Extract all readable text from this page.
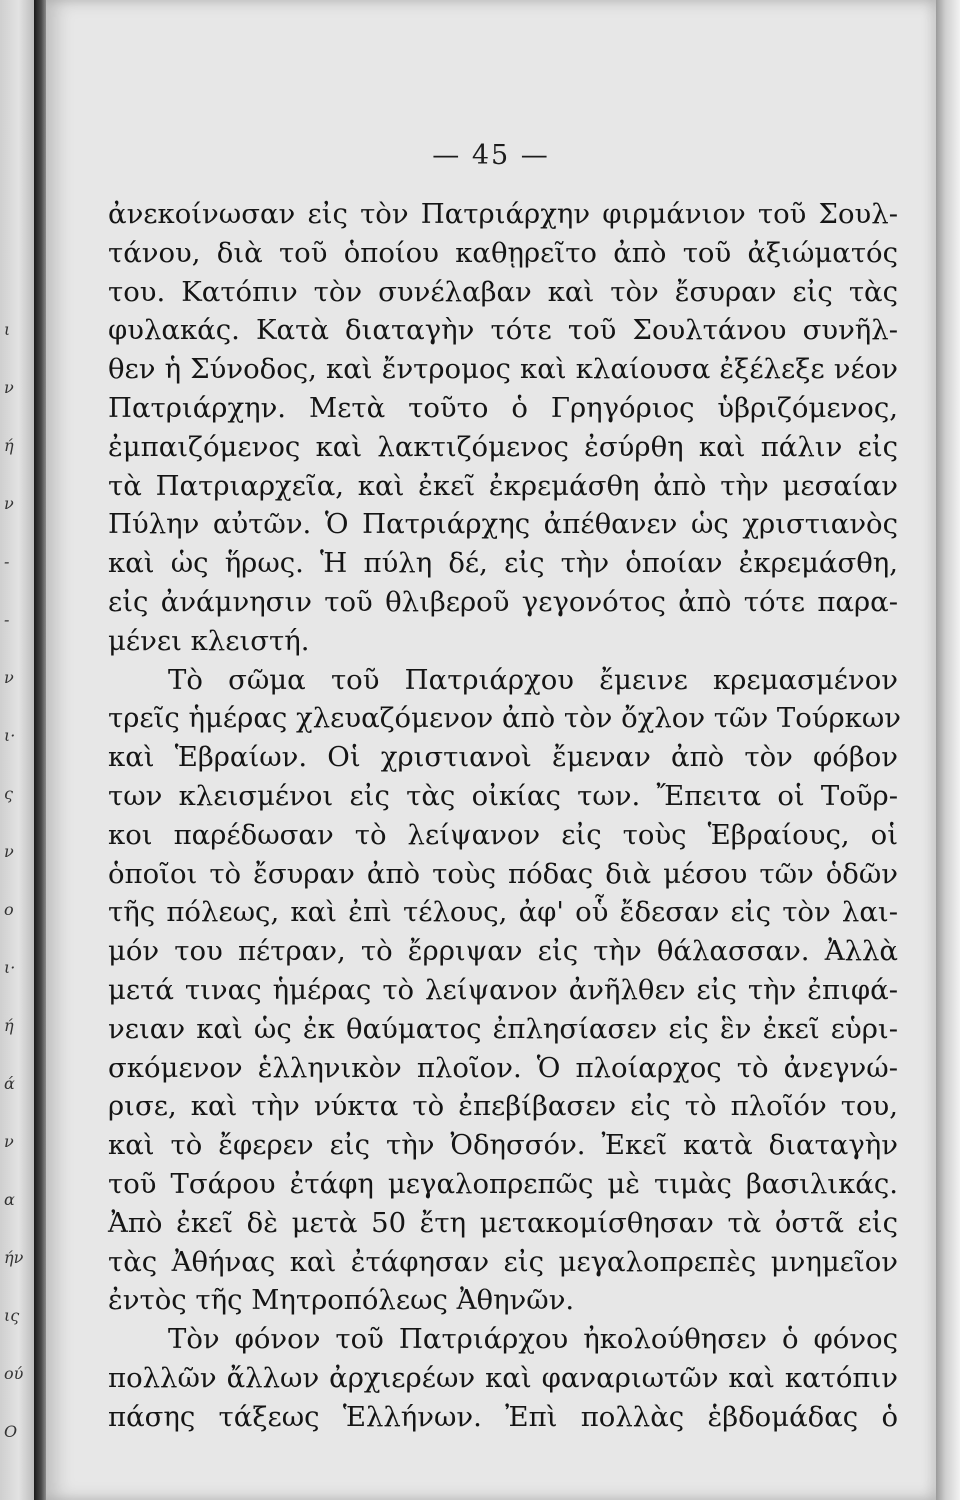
ι
ν
ή
ν
-
-
ν
ι·
ς
ν
ο
ι·
ή
ά
ν
α
ήν
ις
ού
Ο
— 45 —
ἀνεκοίνωσαν εἰς τὸν Πατριάρχην φιρμάνιον τοῦ Σουλ-
τάνου, διὰ τοῦ ὁποίου καθῃρεῖτο ἀπὸ τοῦ ἀξιώματός
του. Κατόπιν τὸν συνέλαβαν καὶ τὸν ἔσυραν εἰς τὰς
φυλακάς. Κατὰ διαταγὴν τότε τοῦ Σουλτάνου συνῆλ-
θεν ἡ Σύνοδος, καὶ ἔντρομος καὶ κλαίουσα ἐξέλεξε νέον
Πατριάρχην. Μετὰ τοῦτο ὁ Γρηγόριος ὑβριζόμενος,
ἐμπαιζόμενος καὶ λακτιζόμενος ἐσύρθη καὶ πάλιν εἰς
τὰ Πατριαρχεῖα, καὶ ἐκεῖ ἐκρεμάσθη ἀπὸ τὴν μεσαίαν
Πύλην αὐτῶν. Ὁ Πατριάρχης ἀπέθανεν ὡς χριστιανὸς
καὶ ὡς ἥρως. Ἡ πύλη δέ, εἰς τὴν ὁποίαν ἐκρεμάσθη,
εἰς ἀνάμνησιν τοῦ θλιβεροῦ γεγονότος ἀπὸ τότε παρα-
μένει κλειστή.
Τὸ σῶμα τοῦ Πατριάρχου ἔμεινε κρεμασμένον
τρεῖς ἡμέρας χλευαζόμενον ἀπὸ τὸν ὄχλον τῶν Τούρκων
καὶ Ἑβραίων. Οἱ χριστιανοὶ ἔμεναν ἀπὸ τὸν φόβον
των κλεισμένοι εἰς τὰς οἰκίας των. Ἔπειτα οἱ Τοῦρ-
κοι παρέδωσαν τὸ λείψανον εἰς τοὺς Ἑβραίους, οἱ
ὁποῖοι τὸ ἔσυραν ἀπὸ τοὺς πόδας διὰ μέσου τῶν ὁδῶν
τῆς πόλεως, καὶ ἐπὶ τέλους, ἀφ' οὗ ἔδεσαν εἰς τὸν λαι-
μόν του πέτραν, τὸ ἔρριψαν εἰς τὴν θάλασσαν. Ἀλλὰ
μετά τινας ἡμέρας τὸ λείψανον ἀνῆλθεν εἰς τὴν ἐπιφά-
νειαν καὶ ὡς ἐκ θαύματος ἐπλησίασεν εἰς ἓν ἐκεῖ εὑρι-
σκόμενον ἑλληνικὸν πλοῖον. Ὁ πλοίαρχος τὸ ἀνεγνώ-
ρισε, καὶ τὴν νύκτα τὸ ἐπεβίβασεν εἰς τὸ πλοῖόν του,
καὶ τὸ ἔφερεν εἰς τὴν Ὀδησσόν. Ἐκεῖ κατὰ διαταγὴν
τοῦ Τσάρου ἐτάφη μεγαλοπρεπῶς μὲ τιμὰς βασιλικάς.
Ἀπὸ ἐκεῖ δὲ μετὰ 50 ἔτη μετακομίσθησαν τὰ ὀστᾶ εἰς
τὰς Ἀθήνας καὶ ἐτάφησαν εἰς μεγαλοπρεπὲς μνημεῖον
ἐντὸς τῆς Μητροπόλεως Ἀθηνῶν.
Τὸν φόνον τοῦ Πατριάρχου ἠκολούθησεν ὁ φόνος
πολλῶν ἄλλων ἀρχιερέων καὶ φαναριωτῶν καὶ κατόπιν
πάσης τάξεως Ἑλλήνων. Ἐπὶ πολλὰς ἑβδομάδας ὁ
